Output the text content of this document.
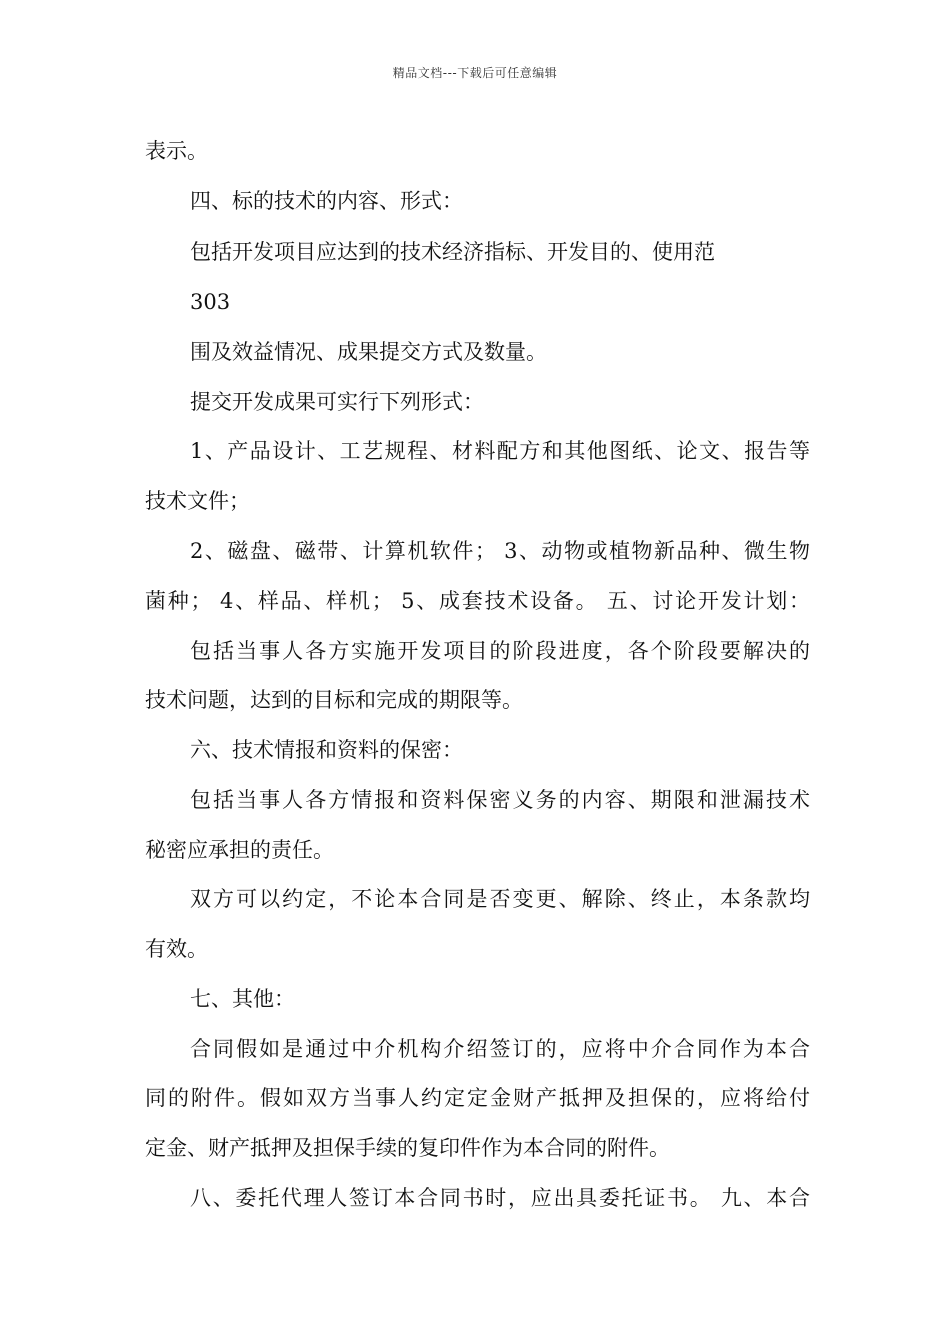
精品文档---下载后可任意编辑
表示。
四、标的技术的内容、形式：
包括开发项目应达到的技术经济指标、开发目的、使用范
303
围及效益情况、成果提交方式及数量。
提交开发成果可实行下列形式：
1、产品设计、工艺规程、材料配方和其他图纸、论文、报告等
技术文件；
2、磁盘、磁带、计算机软件； 3、动物或植物新品种、微生物
菌种； 4、样品、样机； 5、成套技术设备。 五、讨论开发计划：
包括当事人各方实施开发项目的阶段进度，各个阶段要解决的
技术问题，达到的目标和完成的期限等。
六、技术情报和资料的保密：
包括当事人各方情报和资料保密义务的内容、期限和泄漏技术
秘密应承担的责任。
双方可以约定，不论本合同是否变更、解除、终止，本条款均
有效。
七、其他：
合同假如是通过中介机构介绍签订的，应将中介合同作为本合
同的附件。假如双方当事人约定定金财产抵押及担保的，应将给付
定金、财产抵押及担保手续的复印件作为本合同的附件。
八、委托代理人签订本合同书时，应出具委托证书。 九、本合
